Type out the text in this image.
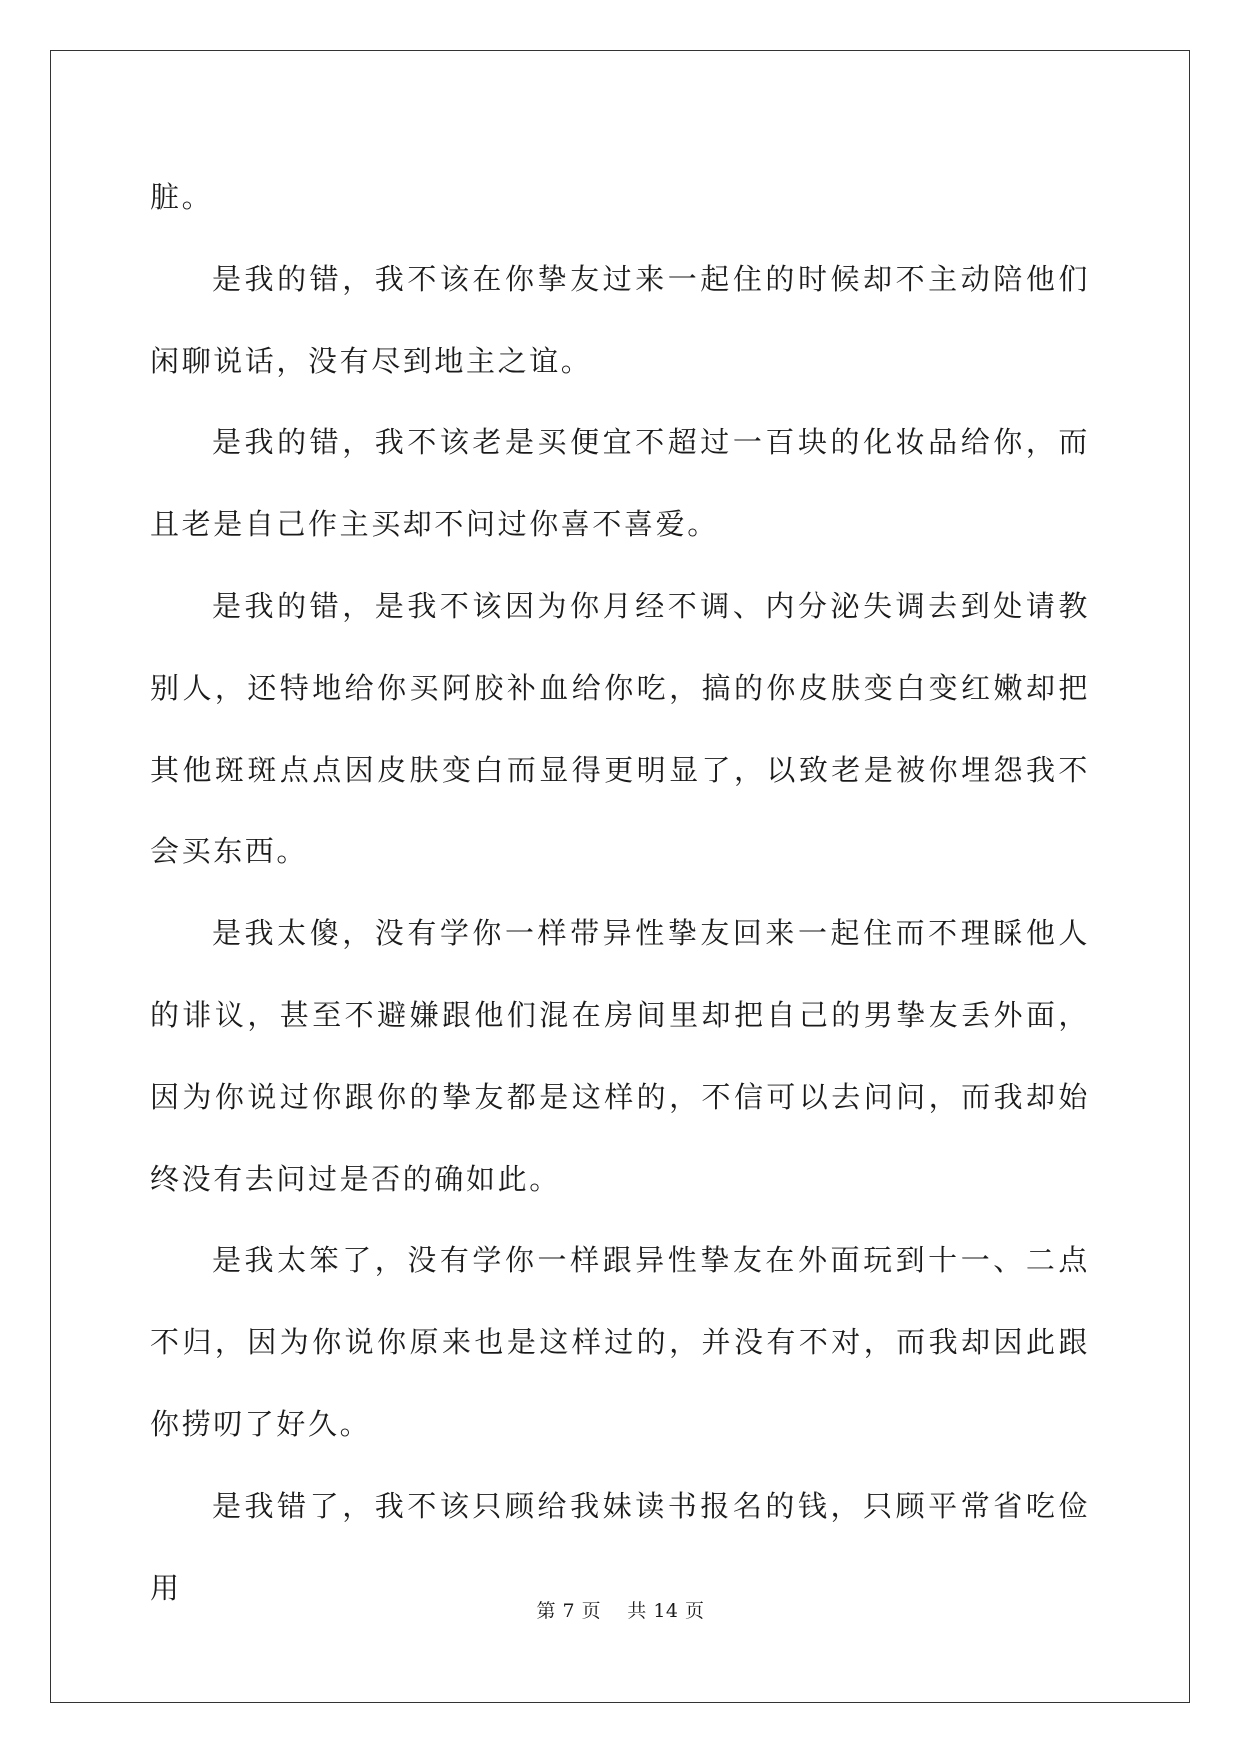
脏。

是我的错，我不该在你挚友过来一起住的时候却不主动陪他们闲聊说话，没有尽到地主之谊。

是我的错，我不该老是买便宜不超过一百块的化妆品给你，而且老是自己作主买却不问过你喜不喜爱。

是我的错，是我不该因为你月经不调、内分泌失调去到处请教别人，还特地给你买阿胶补血给你吃，搞的你皮肤变白变红嫩却把其他斑斑点点因皮肤变白而显得更明显了，以致老是被你埋怨我不会买东西。

是我太傻，没有学你一样带异性挚友回来一起住而不理睬他人的诽议，甚至不避嫌跟他们混在房间里却把自己的男挚友丢外面，因为你说过你跟你的挚友都是这样的，不信可以去问问，而我却始终没有去问过是否的确如此。

是我太笨了，没有学你一样跟异性挚友在外面玩到十一、二点不归，因为你说你原来也是这样过的，并没有不对，而我却因此跟你捞叨了好久。

是我错了，我不该只顾给我妹读书报名的钱，只顾平常省吃俭用

第 7 页    共 14 页
